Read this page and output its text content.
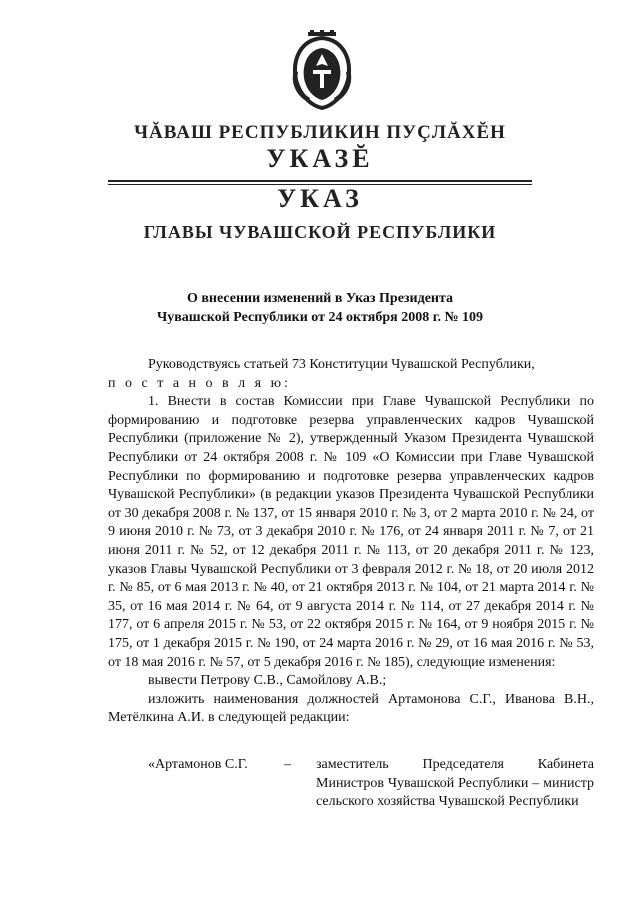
ЧĂВАШ РЕСПУБЛИКИН ПУÇЛĂХĔН
УКАЗĔ
УКАЗ
ГЛАВЫ ЧУВАШСКОЙ РЕСПУБЛИКИ
О внесении изменений в Указ Президента
Чувашской Республики от 24 октября 2008 г. № 109

Руководствуясь статьей 73 Конституции Чувашской Республики,

п о с т а н о в л я ю:

1. Внести в состав Комиссии при Главе Чувашской Республики по формированию и подготовке резерва управленческих кадров Чувашской Республики (приложение № 2), утвержденный Указом Президента Чувашской Республики от 24 октября 2008 г. № 109 «О Комиссии при Главе Чувашской Республики по формированию и подготовке резерва управленческих кадров Чувашской Республики» (в редакции указов Президента Чувашской Республики от 30 декабря 2008 г. № 137, от 15 января 2010 г. № 3, от 2 марта 2010 г. № 24, от 9 июня 2010 г. № 73, от 3 декабря 2010 г. № 176, от 24 января 2011 г. № 7, от 21 июня 2011 г. № 52, от 12 декабря 2011 г. № 113, от 20 декабря 2011 г. № 123, указов Главы Чувашской Республики от 3 февраля 2012 г. № 18, от 20 июля 2012 г. № 85, от 6 мая 2013 г. № 40, от 21 октября 2013 г. № 104, от 21 марта 2014 г. № 35, от 16 мая 2014 г. № 64, от 9 августа 2014 г. № 114, от 27 декабря 2014 г. № 177, от 6 апреля 2015 г. № 53, от 22 октября 2015 г. № 164, от 9 ноября 2015 г. № 175, от 1 декабря 2015 г. № 190, от 24 марта 2016 г. № 29, от 16 мая 2016 г. № 53, от 18 мая 2016 г. № 57, от 5 декабря 2016 г. № 185), следующие изменения:

вывести Петрову С.В., Самойлову А.В.;

изложить наименования должностей Артамонова С.Г., Иванова В.Н., Метёлкина А.И. в следующей редакции:

«Артамонов С.Г.	– заместитель Председателя Кабинета Министров Чувашской Республики – министр сельского хозяйства Чувашской Республики
